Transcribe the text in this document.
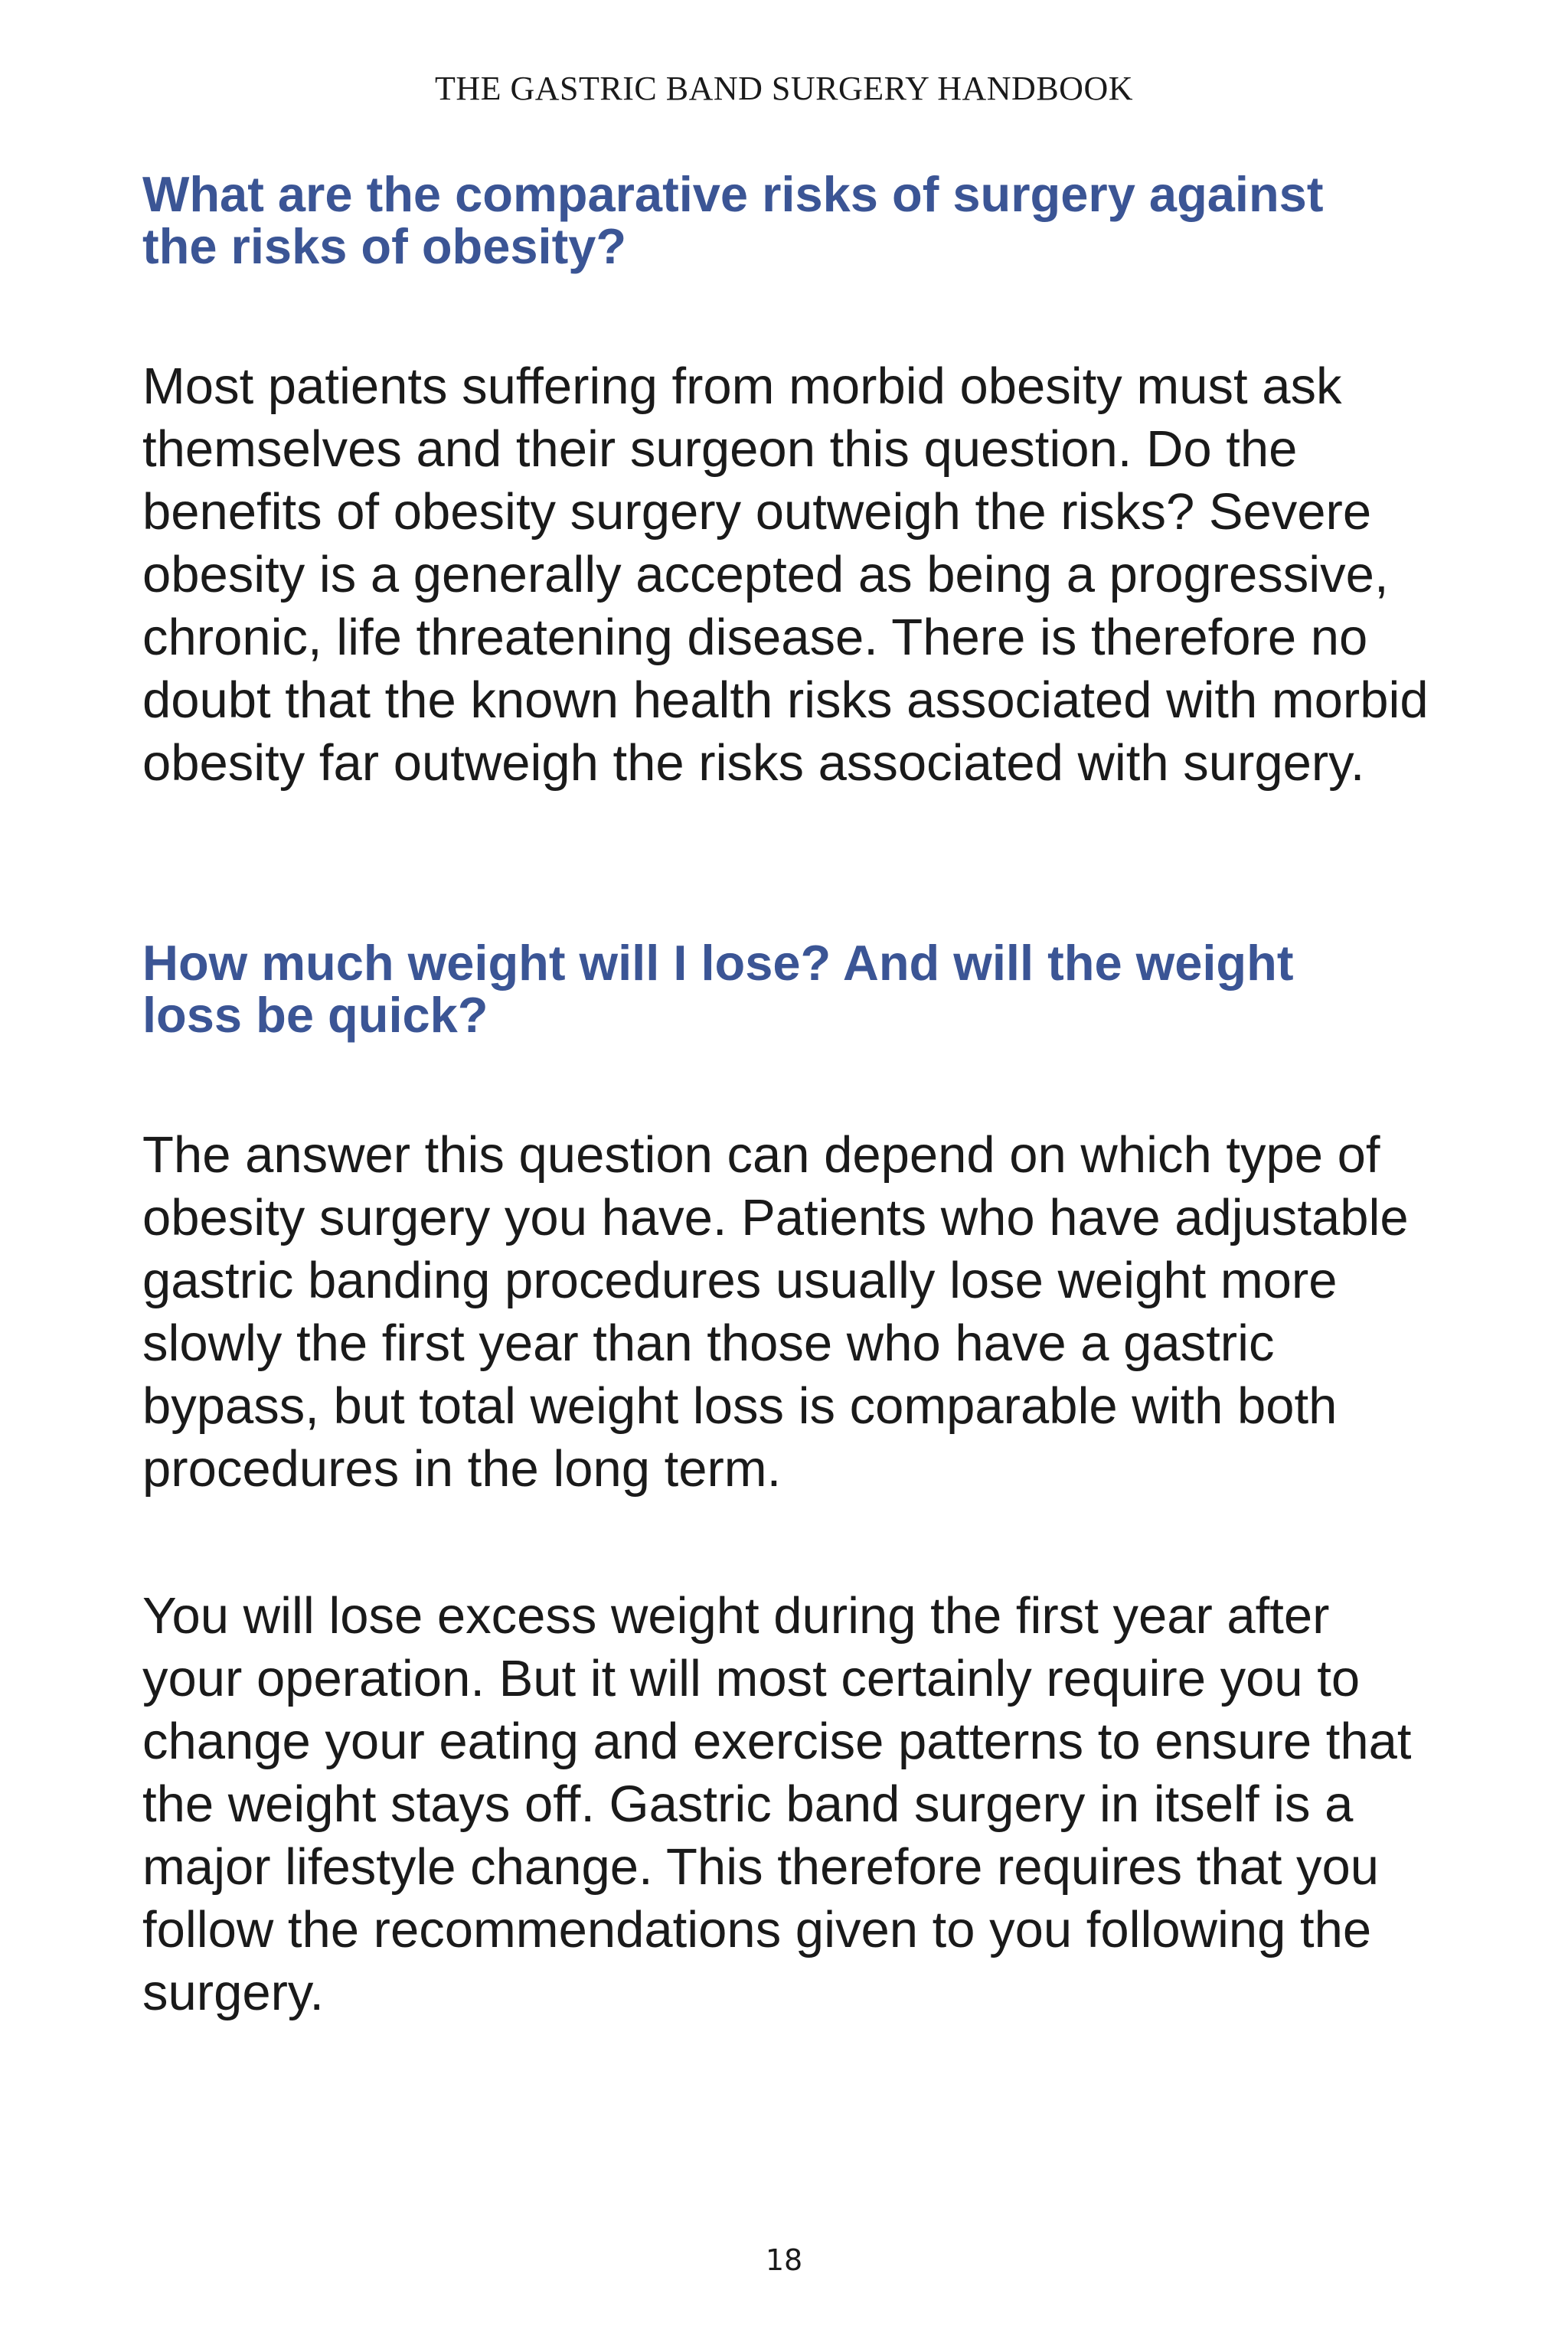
THE GASTRIC BAND SURGERY HANDBOOK

What are the comparative risks of surgery against the risks of obesity?

Most patients suffering from morbid obesity must ask themselves and their surgeon this question. Do the benefits of obesity surgery outweigh the risks? Severe obesity is a generally accepted as being a progressive, chronic, life threatening disease. There is therefore no doubt that the known health risks associated with morbid obesity far outweigh the risks associated with surgery.

How much weight will I lose? And will the weight loss be quick?

The answer this question can depend on which type of obesity surgery you have. Patients who have adjustable gastric banding procedures usually lose weight more slowly the first year than those who have a gastric bypass, but total weight loss is comparable with both procedures in the long term.

You will lose excess weight during the first year after your operation. But it will most certainly require you to change your eating and exercise patterns to ensure that the weight stays off. Gastric band surgery in itself is a major lifestyle change. This therefore requires that you follow the recommendations given to you following the surgery.

18
